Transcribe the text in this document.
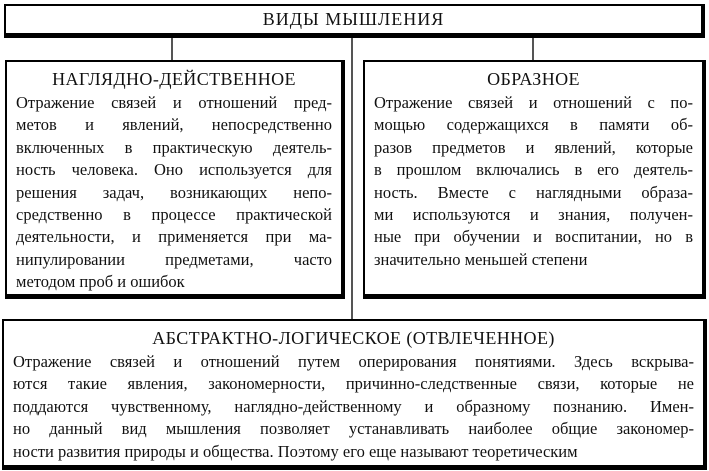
ВИДЫ МЫШЛЕНИЯ
НАГЛЯДНО-ДЕЙСТВЕННОЕ
Отражение связей и отношений пред-
метов и явлений, непосредственно
включенных в практическую деятель-
ность человека. Оно используется для
решения задач, возникающих непо-
средственно в процессе практической
деятельности, и применяется при ма-
нипулировании предметами, часто
методом проб и ошибок
ОБРАЗНОЕ
Отражение связей и отношений с по-
мощью содержащихся в памяти об-
разов предметов и явлений, которые
в прошлом включались в его деятель-
ность. Вместе с наглядными образа-
ми используются и знания, получен-
ные при обучении и воспитании, но в
значительно меньшей степени
АБСТРАКТНО-ЛОГИЧЕСКОЕ (ОТВЛЕЧЕННОЕ)
Отражение связей и отношений путем оперирования понятиями. Здесь вскрыва-
ются такие явления, закономерности, причинно-следственные связи, которые не
поддаются чувственному, наглядно-действенному и образному познанию. Имен-
но данный вид мышления позволяет устанавливать наиболее общие закономер-
ности развития природы и общества. Поэтому его еще называют теоретическим
